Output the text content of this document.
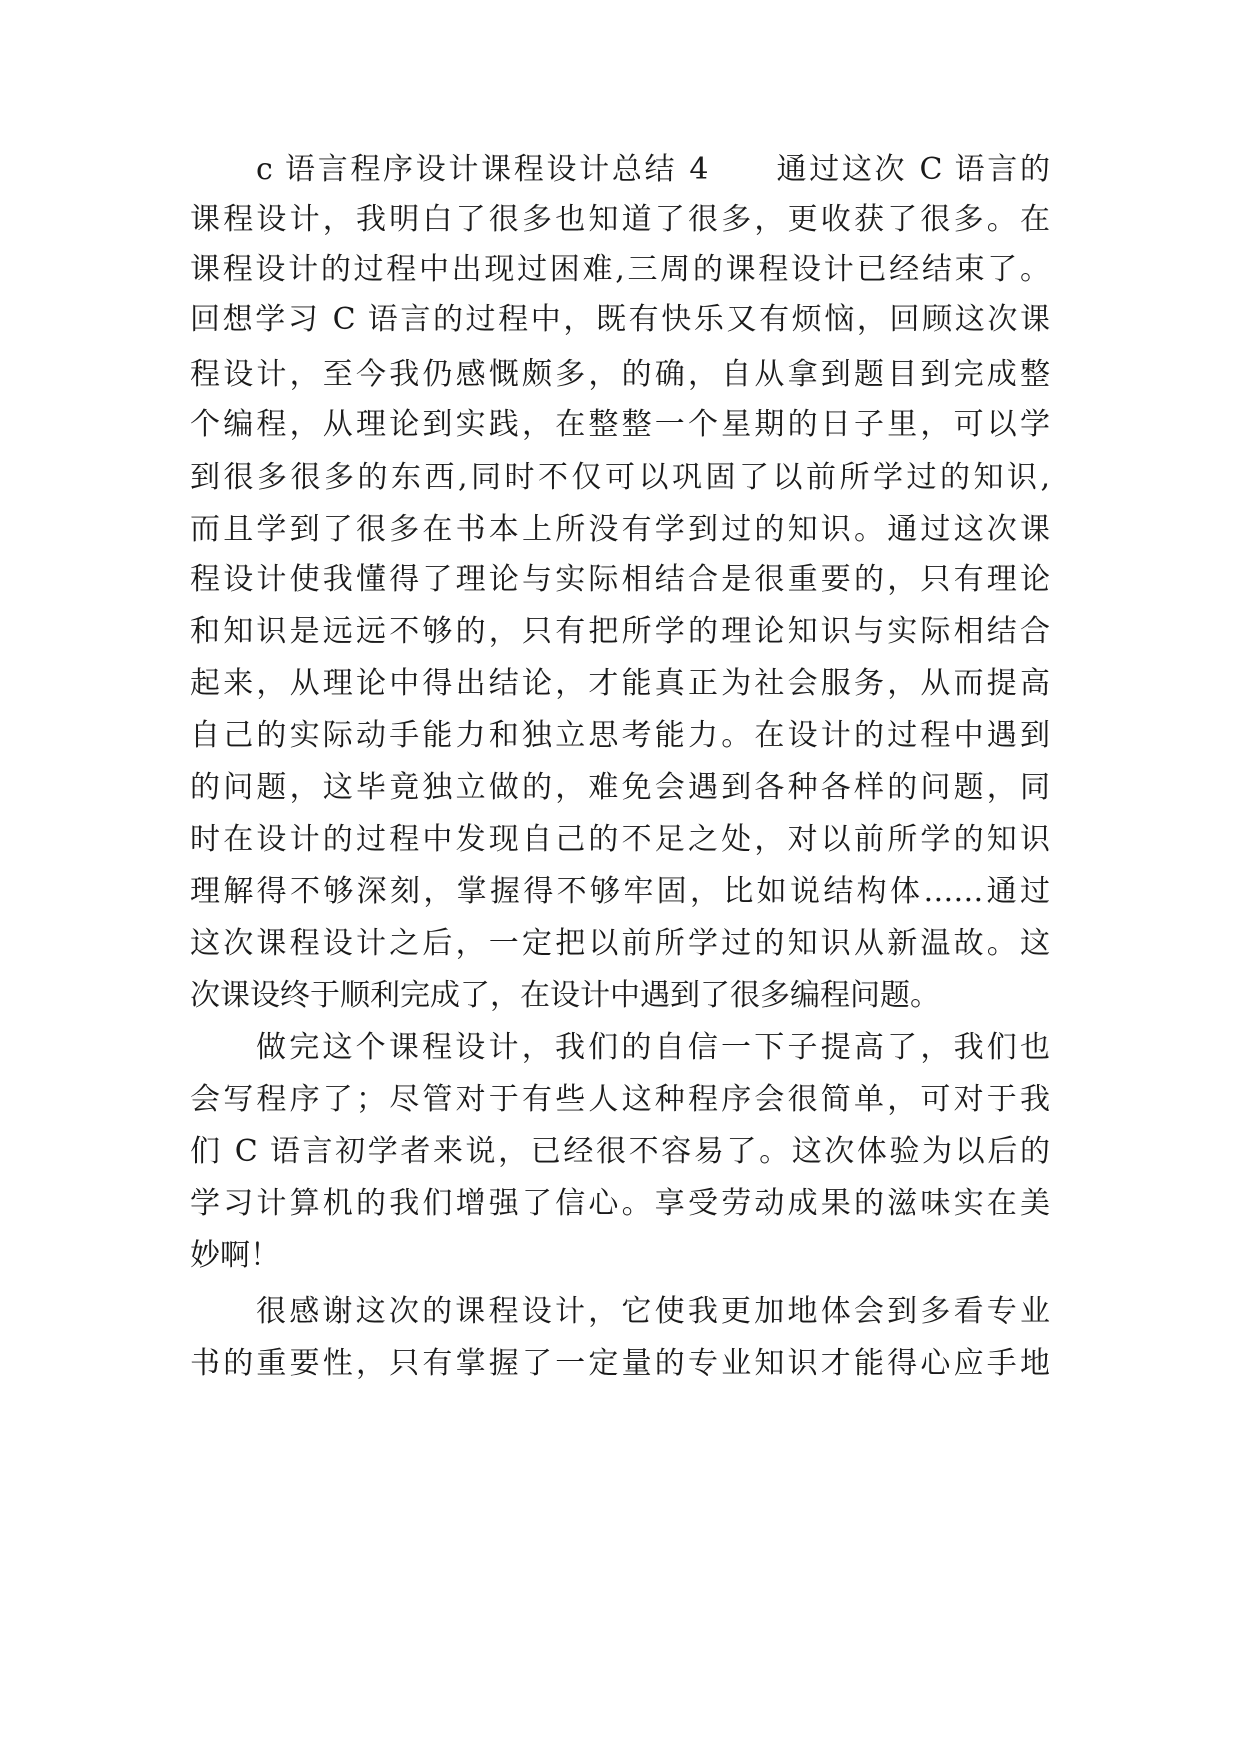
c 语言程序设计课程设计总结 4　　通过这次 C 语言的
课程设计，我明白了很多也知道了很多，更收获了很多。在
课程设计的过程中出现过困难,三周的课程设计已经结束了。
回想学习 C 语言的过程中，既有快乐又有烦恼，回顾这次课
程设计，至今我仍感慨颇多，的确，自从拿到题目到完成整
个编程，从理论到实践，在整整一个星期的日子里，可以学
到很多很多的东西,同时不仅可以巩固了以前所学过的知识,
而且学到了很多在书本上所没有学到过的知识。通过这次课
程设计使我懂得了理论与实际相结合是很重要的，只有理论
和知识是远远不够的，只有把所学的理论知识与实际相结合
起来，从理论中得出结论，才能真正为社会服务，从而提高
自己的实际动手能力和独立思考能力。在设计的过程中遇到
的问题，这毕竟独立做的，难免会遇到各种各样的问题，同
时在设计的过程中发现自己的不足之处，对以前所学的知识
理解得不够深刻，掌握得不够牢固，比如说结构体……通过
这次课程设计之后，一定把以前所学过的知识从新温故。这
次课设终于顺利完成了，在设计中遇到了很多编程问题。
做完这个课程设计，我们的自信一下子提高了，我们也
会写程序了；尽管对于有些人这种程序会很简单，可对于我
们 C 语言初学者来说，已经很不容易了。这次体验为以后的
学习计算机的我们增强了信心。享受劳动成果的滋味实在美
妙啊！
很感谢这次的课程设计，它使我更加地体会到多看专业
书的重要性，只有掌握了一定量的专业知识才能得心应手地
